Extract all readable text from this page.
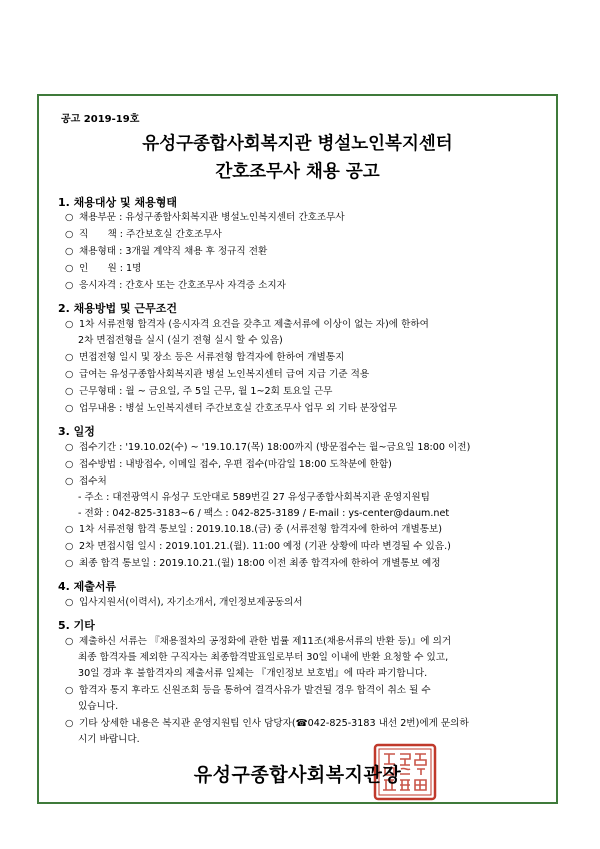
공고 2019-19호
유성구종합사회복지관 병설노인복지센터
간호조무사 채용 공고
1. 채용대상 및 채용형태
○ 채용부문 : 유성구종합사회복지관 병설노인복지센터 간호조무사
○ 직　　책 : 주간보호실 간호조무사
○ 채용형태 : 3개월 계약직 채용 후 정규직 전환
○ 인　　원 : 1명
○ 응시자격 : 간호사 또는 간호조무사 자격증 소지자
2. 채용방법 및 근무조건
○ 1차 서류전형 합격자 (응시자격 요건을 갖추고 제출서류에 이상이 없는 자)에 한하여
2차 면접전형을 실시 (실기 전형 실시 할 수 있음)
○ 면접전형 일시 및 장소 등은 서류전형 합격자에 한하여 개별통지
○ 급여는 유성구종합사회복지관 병설 노인복지센터 급여 지급 기준 적용
○ 근무형태 : 월 ~ 금요일, 주 5일 근무, 월 1~2회 토요일 근무
○ 업무내용 : 병설 노인복지센터 주간보호실 간호조무사 업무 외 기타 분장업무
3. 일정
○ 접수기간 : '19.10.02(수) ~ '19.10.17(목) 18:00까지 (방문접수는 월~금요일 18:00 이전)
○ 접수방법 : 내방접수, 이메일 접수, 우편 접수(마감일 18:00 도착분에 한함)
○ 접수처
- 주소 : 대전광역시 유성구 도안대로 589번길 27 유성구종합사회복지관 운영지원팀
- 전화 : 042-825-3183~6 / 팩스 : 042-825-3189 / E-mail : ys-center@daum.net
○ 1차 서류전형 합격 통보일 : 2019.10.18.(금) 중 (서류전형 합격자에 한하여 개별통보)
○ 2차 면접시험 일시 : 2019.101.21.(월). 11:00 예정 (기관 상황에 따라 변경될 수 있음.)
○ 최종 합격 통보일 : 2019.10.21.(월) 18:00 이전 최종 합격자에 한하여 개별통보 예정
4. 제출서류
○ 입사지원서(이력서), 자기소개서, 개인정보제공동의서
5. 기타
○ 제출하신 서류는 『채용절차의 공정화에 관한 법률 제11조(채용서류의 반환 등)』에 의거
최종 합격자를 제외한 구직자는 최종합격발표일로부터 30일 이내에 반환 요청할 수 있고,
30일 경과 후 불합격자의 제출서류 일체는 『개인정보 보호법』에 따라 파기합니다.
○ 합격자 통지 후라도 신원조회 등을 통하여 결격사유가 발견될 경우 합격이 취소 될 수
있습니다.
○ 기타 상세한 내용은 복지관 운영지원팀 인사 담당자(☎042-825-3183 내선 2번)에게 문의하
시기 바랍니다.
유성구종합사회복지관장
